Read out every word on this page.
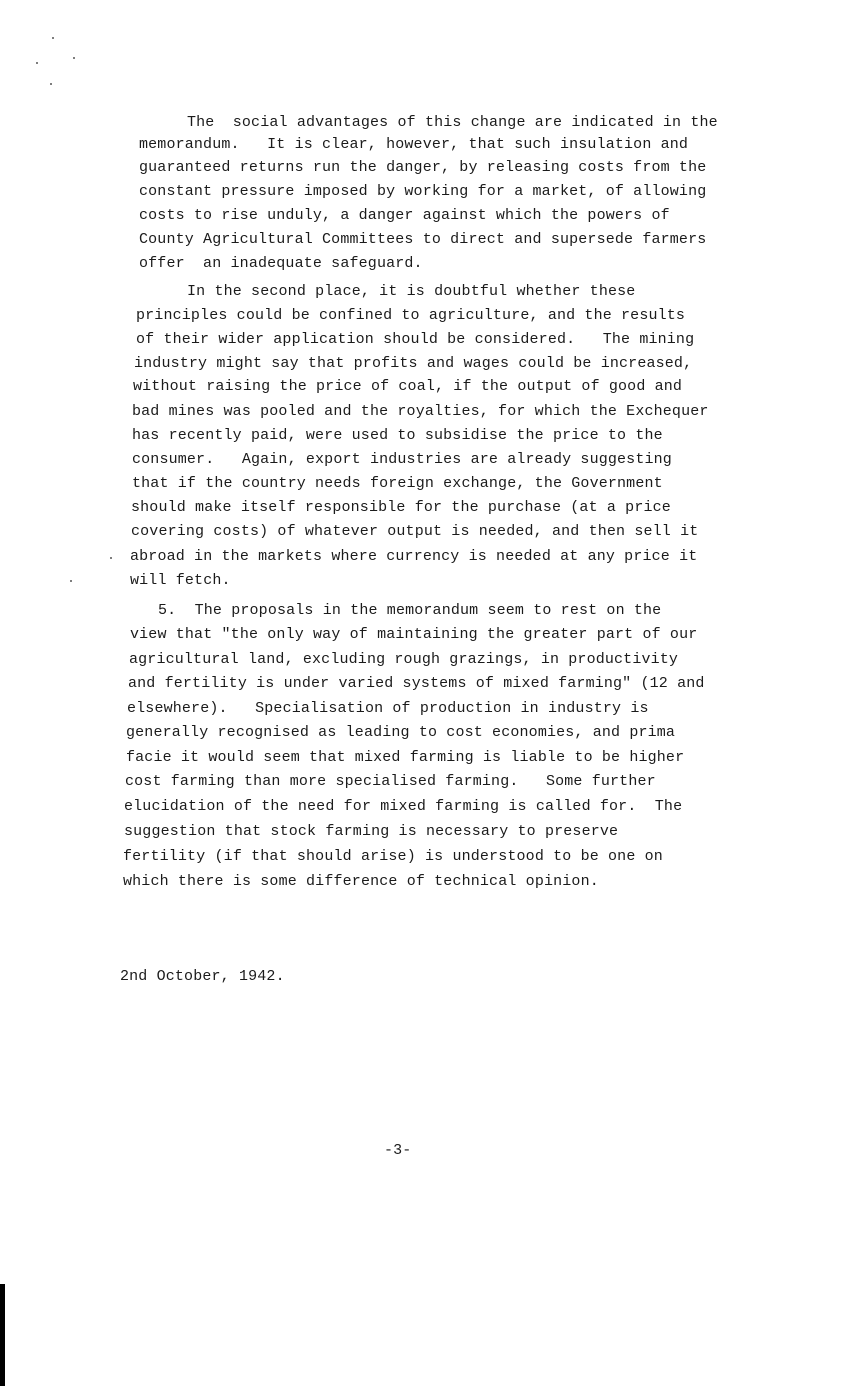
The  social advantages of this change are indicated in the
memorandum.   It is clear, however, that such insulation and
guaranteed returns run the danger, by releasing costs from the
constant pressure imposed by working for a market, of allowing
costs to rise unduly, a danger against which the powers of
County Agricultural Committees to direct and supersede farmers
offer  an inadequate safeguard.
In the second place, it is doubtful whether these
principles could be confined to agriculture, and the results
of their wider application should be considered.   The mining
industry might say that profits and wages could be increased,
without raising the price of coal, if the output of good and
bad mines was pooled and the royalties, for which the Exchequer
has recently paid, were used to subsidise the price to the
consumer.   Again, export industries are already suggesting
that if the country needs foreign exchange, the Government
should make itself responsible for the purchase (at a price
covering costs) of whatever output is needed, and then sell it
abroad in the markets where currency is needed at any price it
will fetch.
5.  The proposals in the memorandum seem to rest on the
view that "the only way of maintaining the greater part of our
agricultural land, excluding rough grazings, in productivity
and fertility is under varied systems of mixed farming" (12 and
elsewhere).   Specialisation of production in industry is
generally recognised as leading to cost economies, and prima
facie it would seem that mixed farming is liable to be higher
cost farming than more specialised farming.   Some further
elucidation of the need for mixed farming is called for.  The
suggestion that stock farming is necessary to preserve
fertility (if that should arise) is understood to be one on
which there is some difference of technical opinion.
2nd October, 1942.
-3-
